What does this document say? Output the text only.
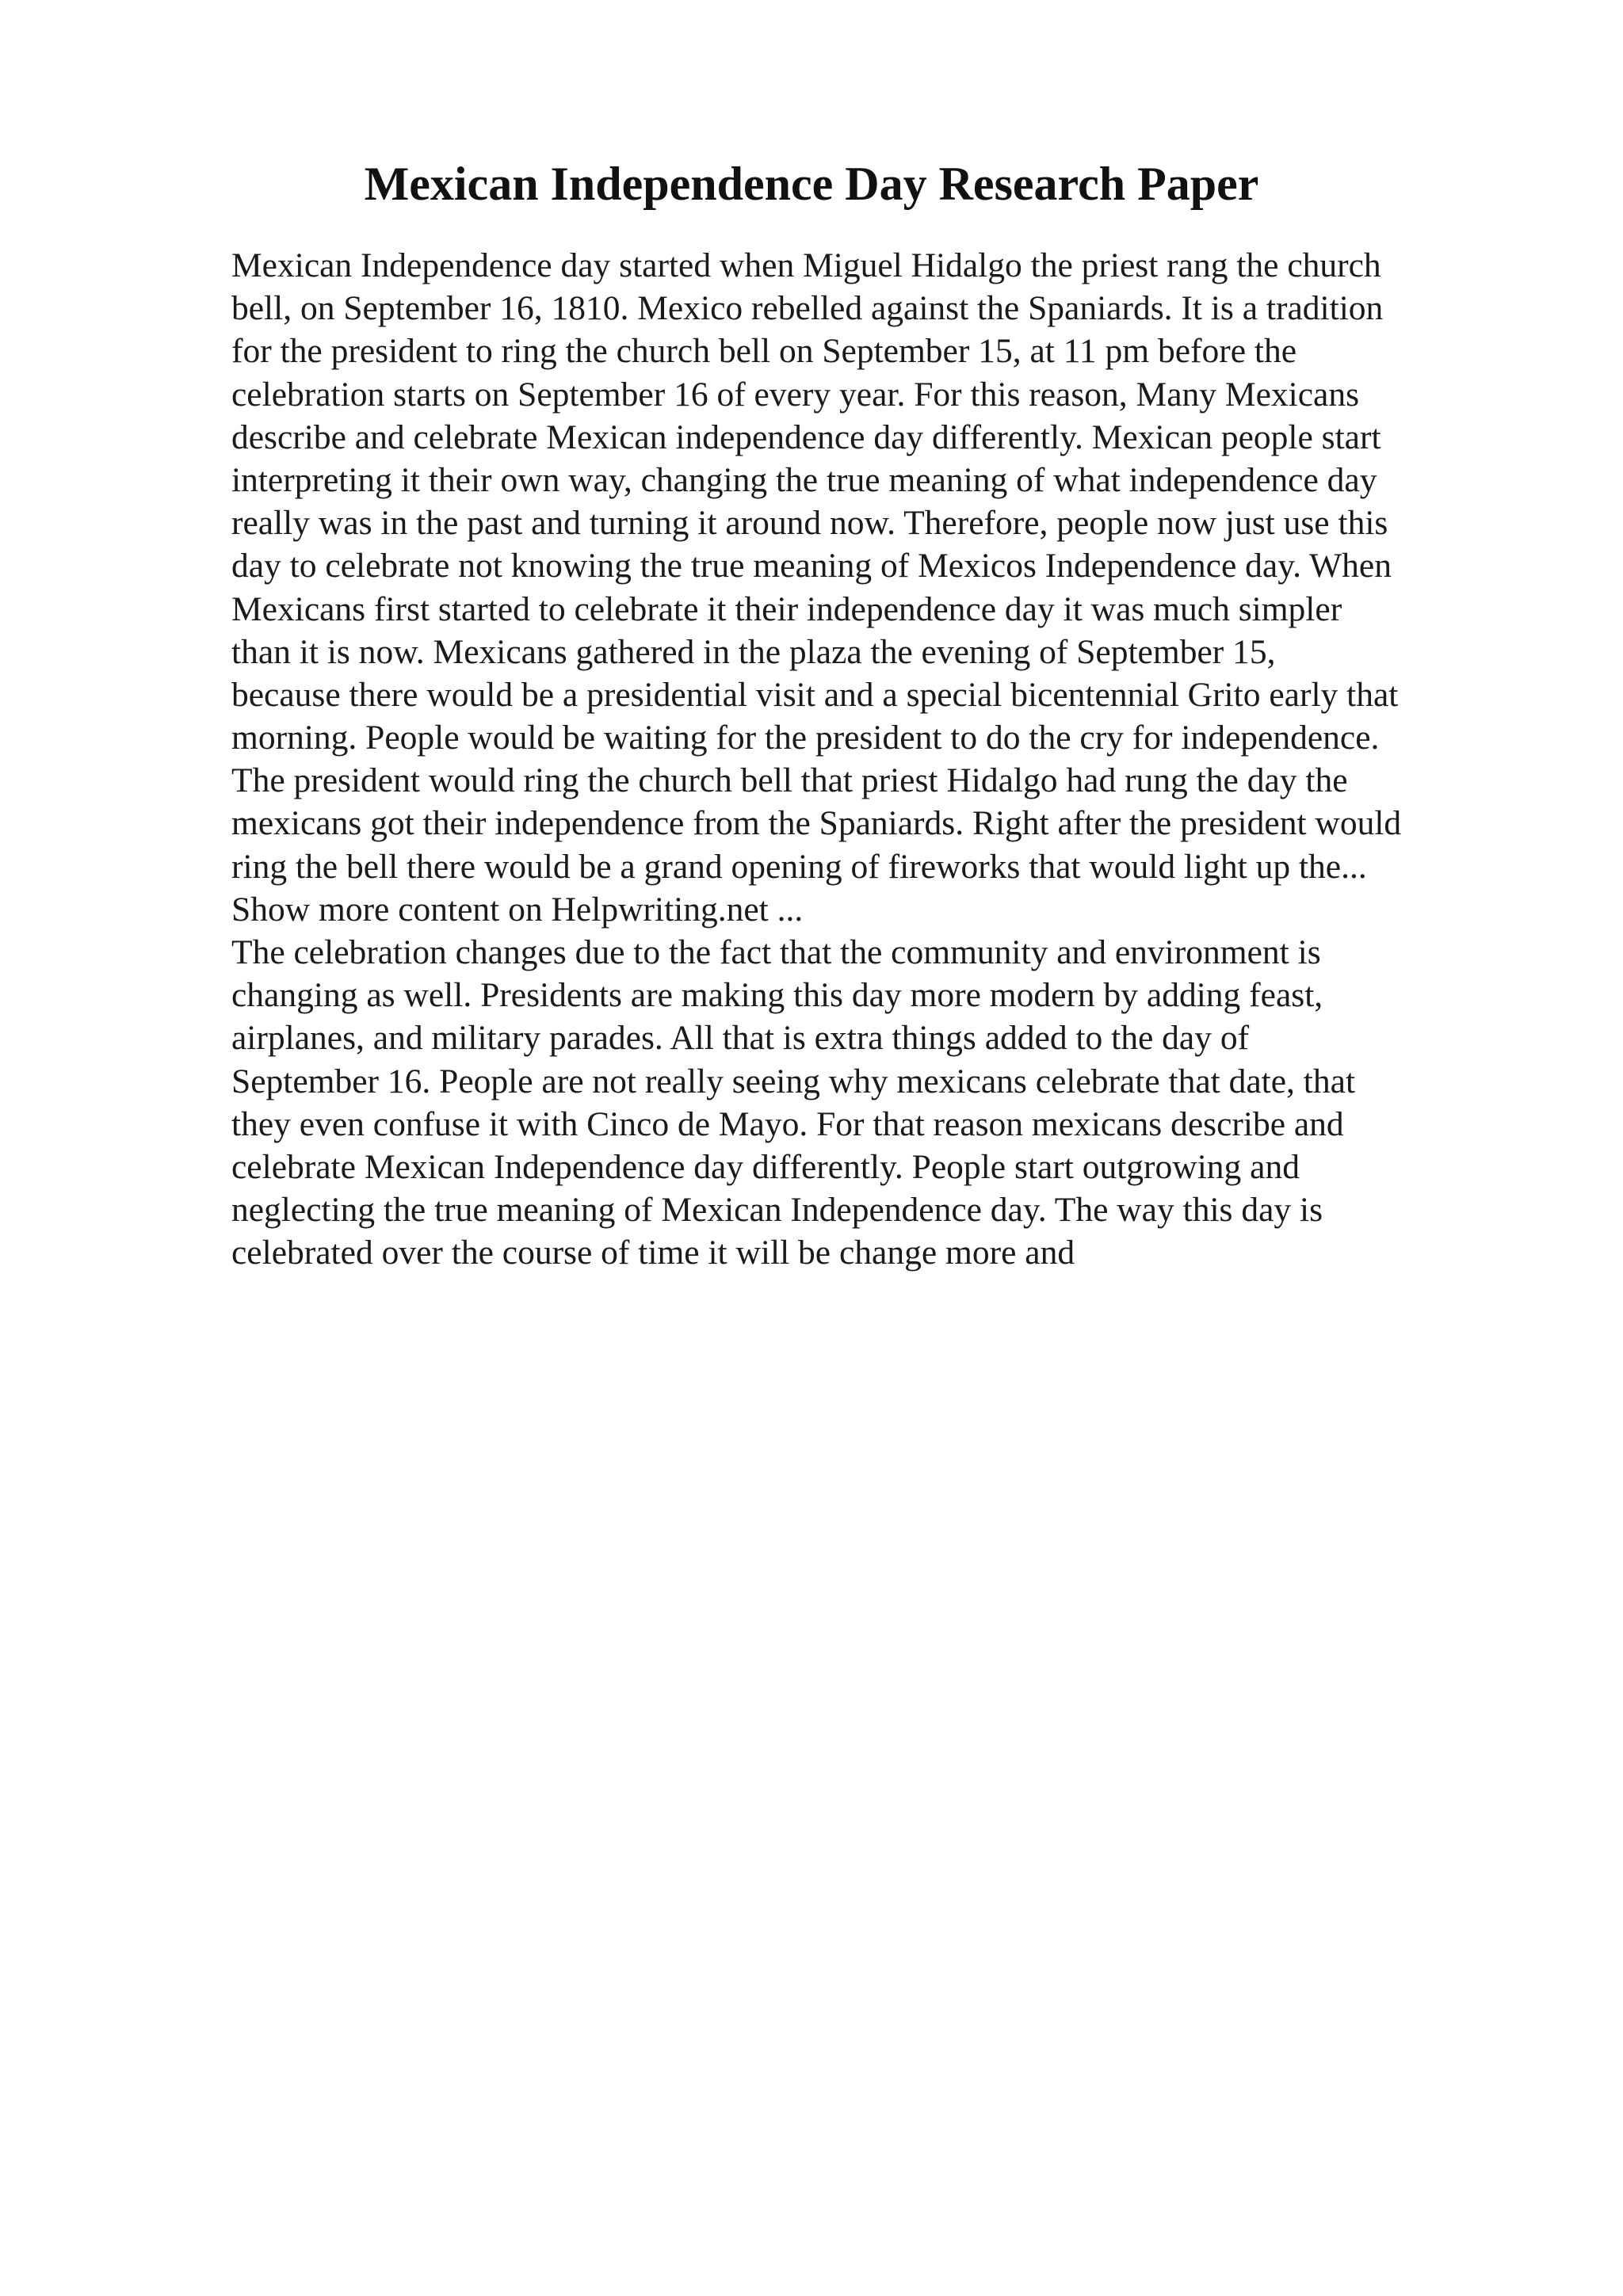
Mexican Independence Day Research Paper
Mexican Independence day started when Miguel Hidalgo the priest rang the church
bell, on September 16, 1810. Mexico rebelled against the Spaniards. It is a tradition
for the president to ring the church bell on September 15, at 11 pm before the
celebration starts on September 16 of every year. For this reason, Many Mexicans
describe and celebrate Mexican independence day differently. Mexican people start
interpreting it their own way, changing the true meaning of what independence day
really was in the past and turning it around now. Therefore, people now just use this
day to celebrate not knowing the true meaning of Mexicos Independence day. When
Mexicans first started to celebrate it their independence day it was much simpler
than it is now. Mexicans gathered in the plaza the evening of September 15,
because there would be a presidential visit and a special bicentennial Grito early that
morning. People would be waiting for the president to do the cry for independence.
The president would ring the church bell that priest Hidalgo had rung the day the
mexicans got their independence from the Spaniards. Right after the president would
ring the bell there would be a grand opening of fireworks that would light up the...
Show more content on Helpwriting.net ...
The celebration changes due to the fact that the community and environment is
changing as well. Presidents are making this day more modern by adding feast,
airplanes, and military parades. All that is extra things added to the day of
September 16. People are not really seeing why mexicans celebrate that date, that
they even confuse it with Cinco de Mayo. For that reason mexicans describe and
celebrate Mexican Independence day differently. People start outgrowing and
neglecting the true meaning of Mexican Independence day. The way this day is
celebrated over the course of time it will be change more and
